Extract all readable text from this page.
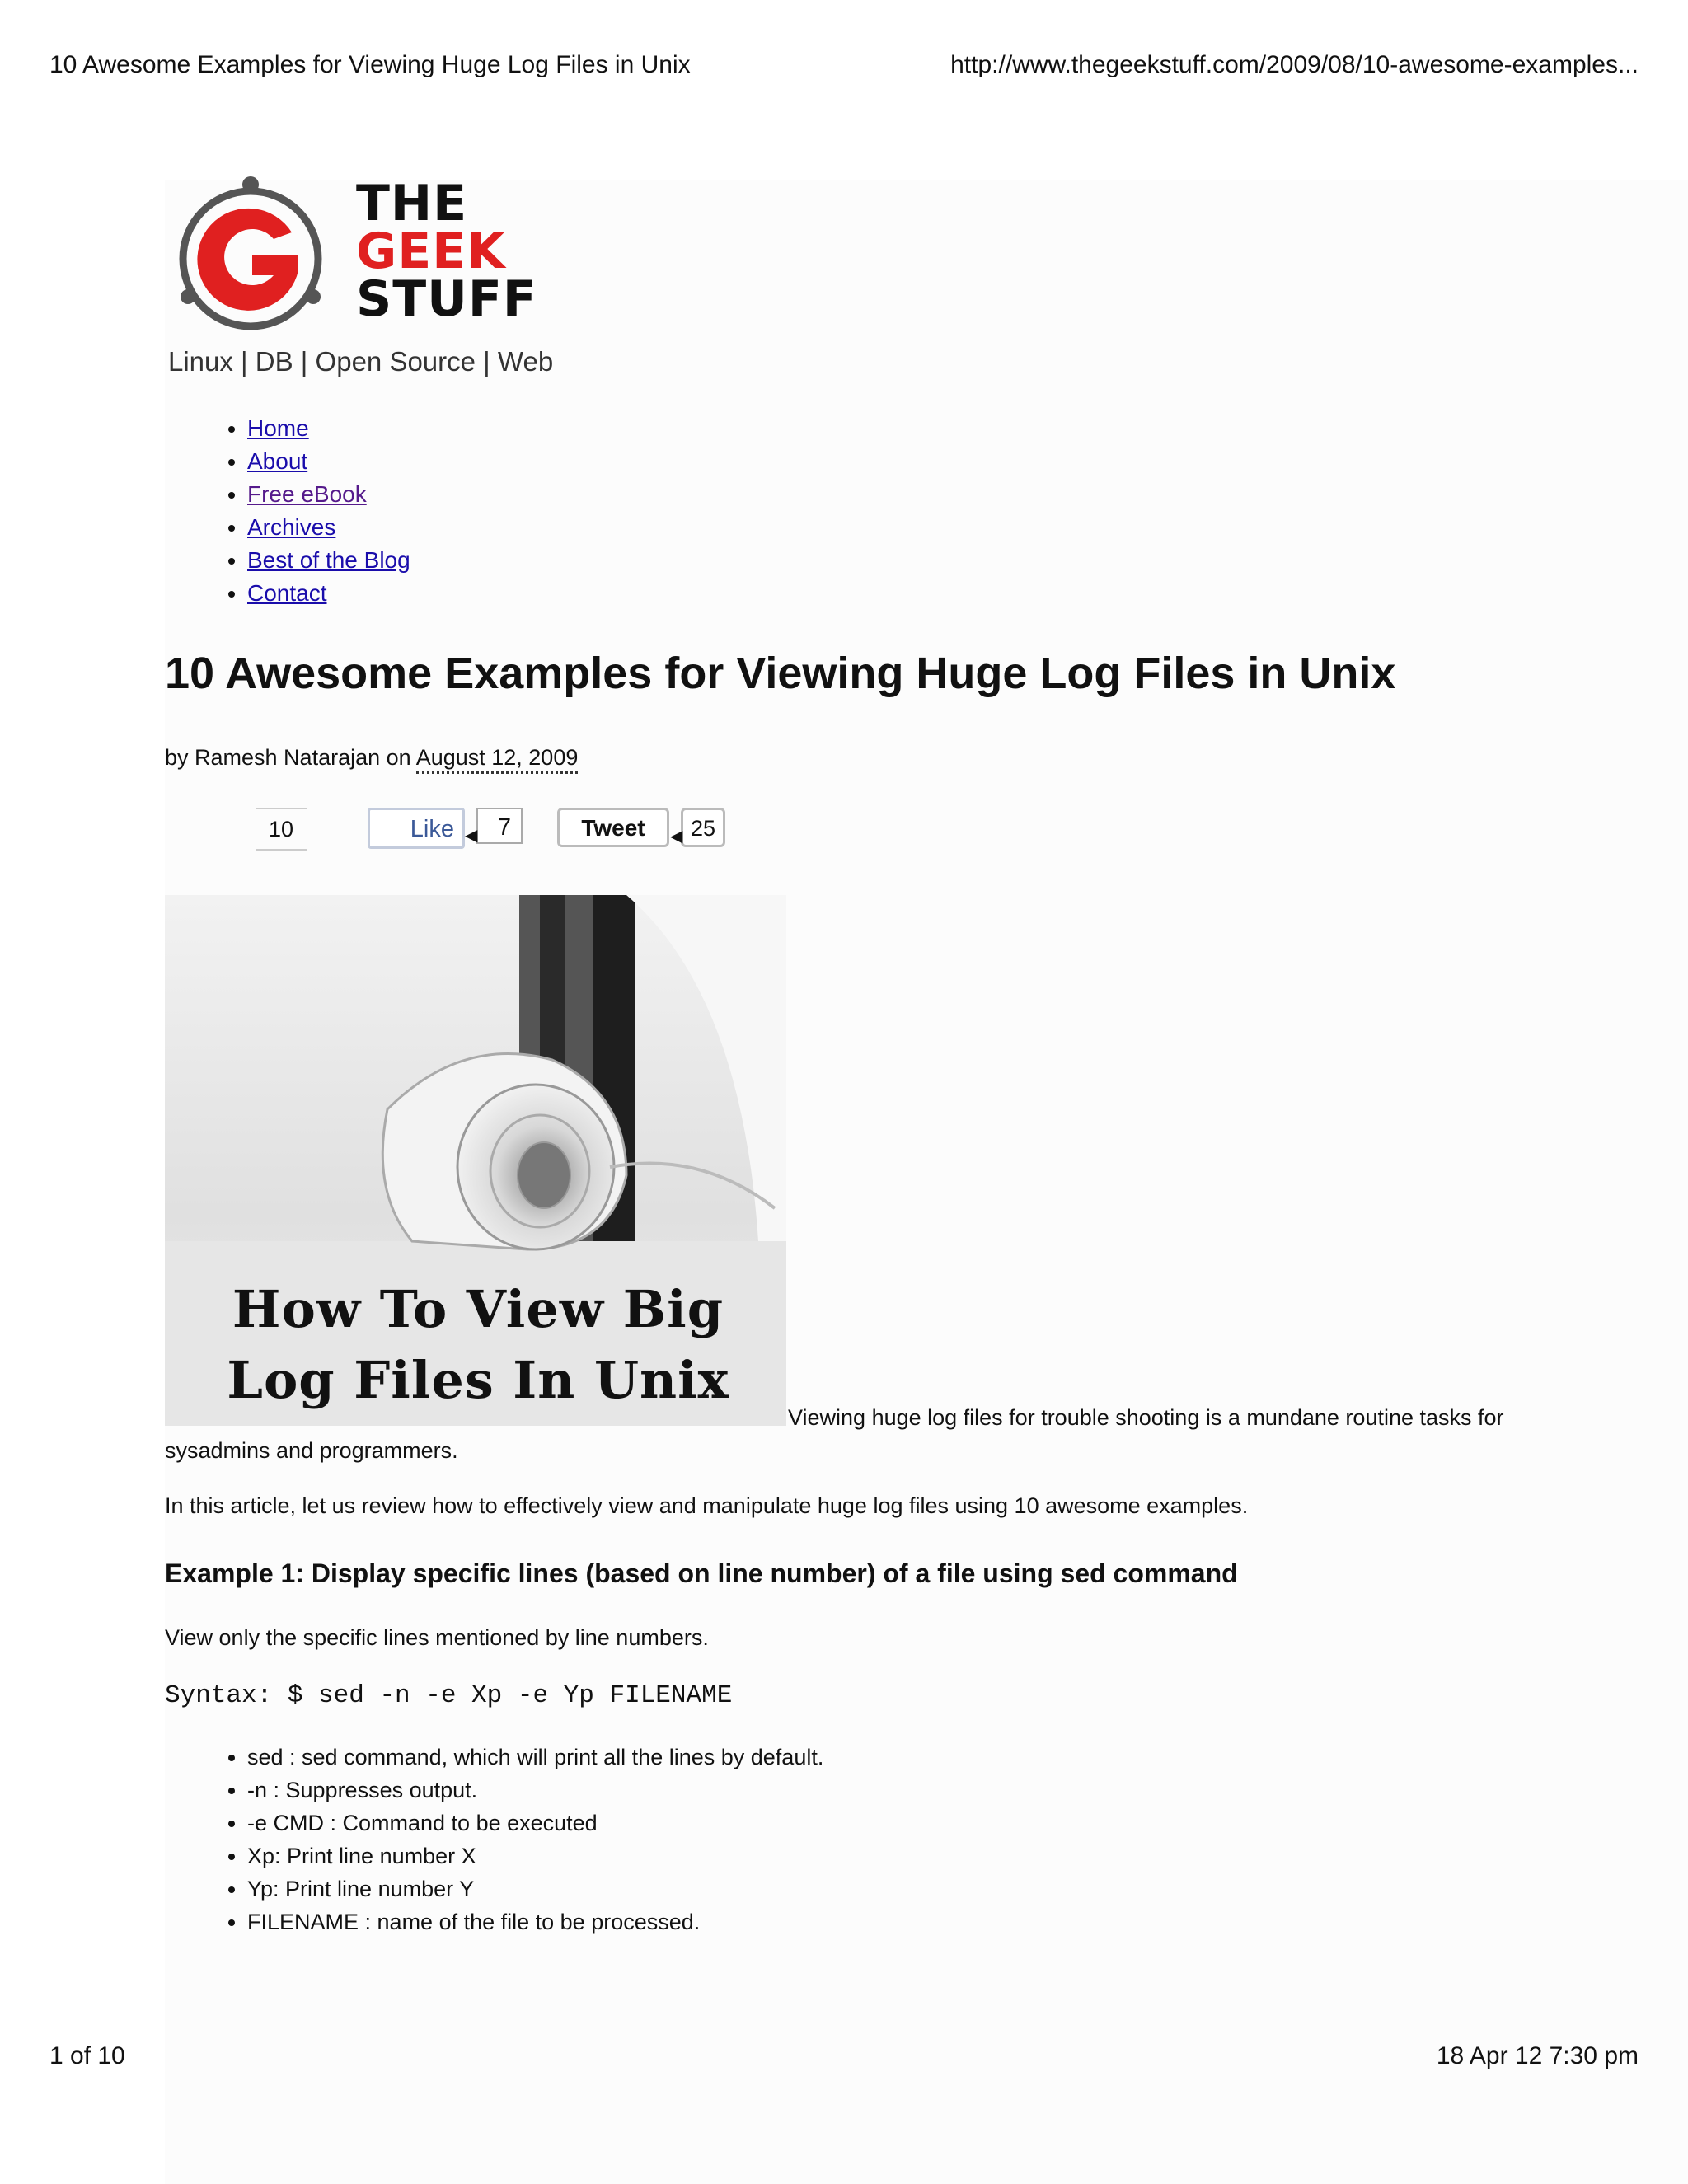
10 Awesome Examples for Viewing Huge Log Files in Unix	http://www.thegeekstuff.com/2009/08/10-awesome-examples...
THE
GEEK
STUFF
Linux | DB | Open Source | Web
• Home
• About
• Free eBook
• Archives
• Best of the Blog
• Contact
10 Awesome Examples for Viewing Huge Log Files in Unix
by Ramesh Natarajan on August 12, 2009
10	Like ◀ 7	Tweet	◀ 25
How To View Big
Log Files In Unix
Viewing huge log files for trouble shooting is a mundane routine tasks for sysadmins and programmers.
In this article, let us review how to effectively view and manipulate huge log files using 10 awesome examples.
Example 1: Display specific lines (based on line number) of a file using sed command
View only the specific lines mentioned by line numbers.
Syntax: $ sed -n -e Xp -e Yp FILENAME
• sed : sed command, which will print all the lines by default.
• -n : Suppresses output.
• -e CMD : Command to be executed
• Xp: Print line number X
• Yp: Print line number Y
• FILENAME : name of the file to be processed.
1 of 10	18 Apr 12 7:30 pm
